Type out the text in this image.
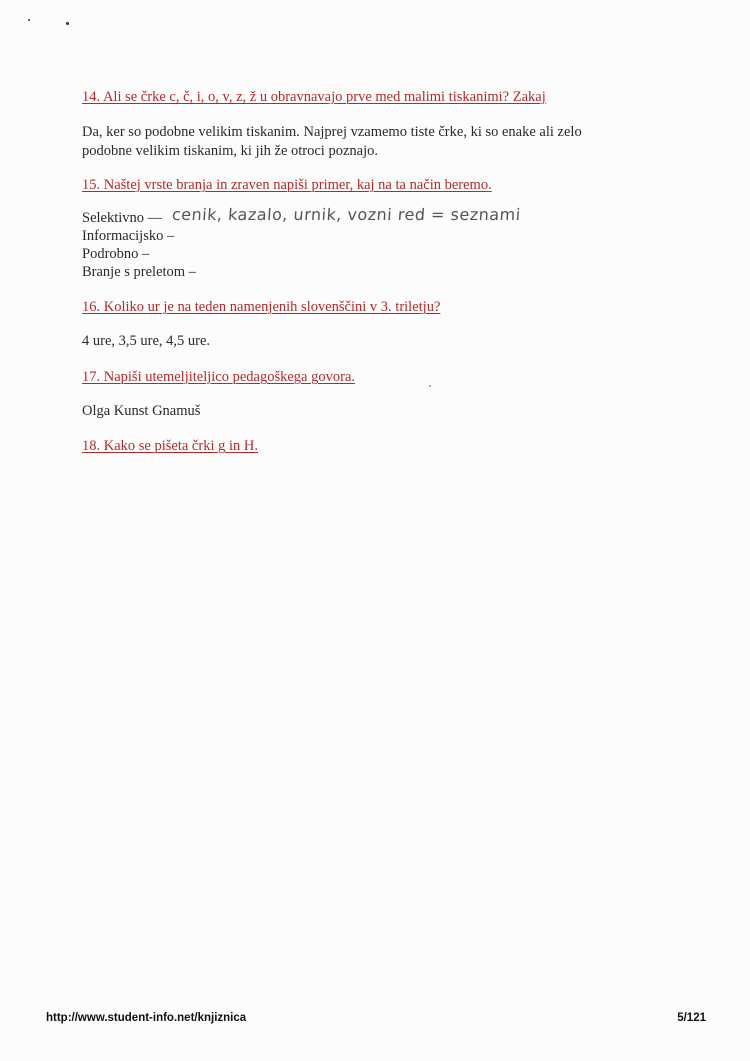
14. Ali se črke c, č, i, o, v, z, ž u obravnavajo prve med malimi tiskanimi? Zakaj

Da, ker so podobne velikim tiskanim. Najprej vzamemo tiste črke, ki so enake ali zelo
podobne velikim tiskanim, ki jih že otroci poznajo.

15. Naštej vrste branja in zraven napiši primer, kaj na ta način beremo.

Selektivno — cenik, kazalo, urnik, vozni red = seznami
Informacijsko –
Podrobno –
Branje s preletom –

16. Koliko ur je na teden namenjenih slovenščini v 3. triletju?

4 ure, 3,5 ure, 4,5 ure.

17. Napiši utemeljiteljico pedagoškega govora.

Olga Kunst Gnamuš

18. Kako se pišeta črki g in H.

http://www.student-info.net/knjiznica	5/121
